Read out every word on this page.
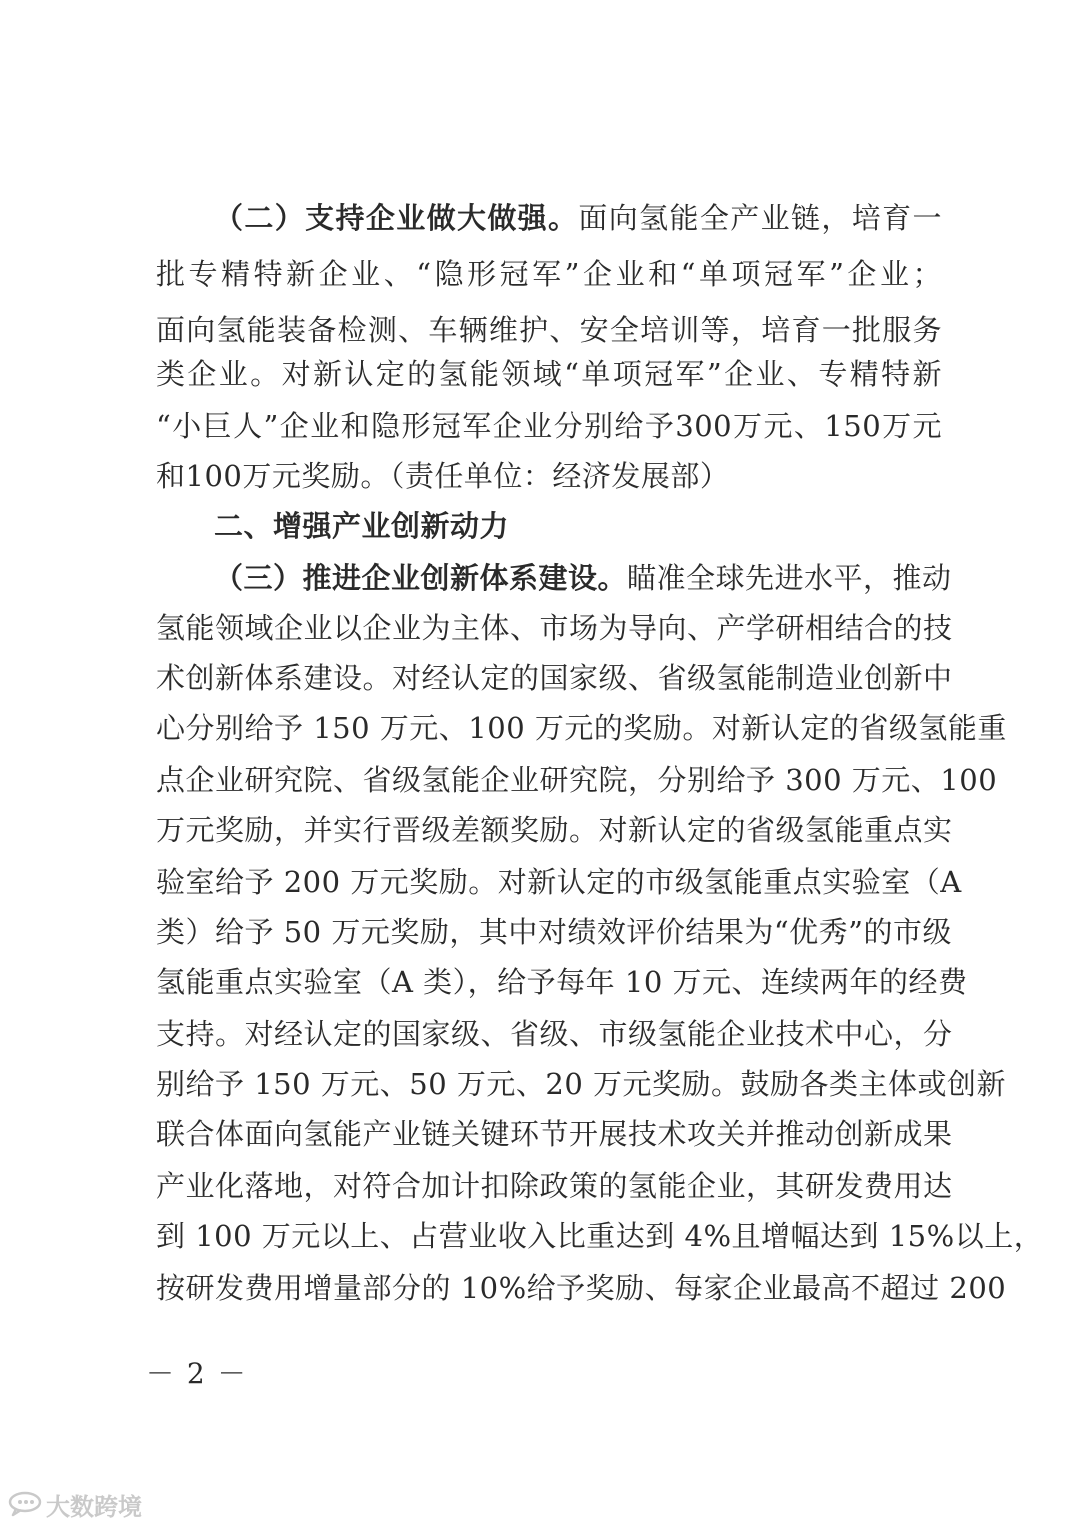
（二）支持企业做大做强。面向氢能全产业链，培育一
批专精特新企业、“隐形冠军”企业和“单项冠军”企业；
面向氢能装备检测、车辆维护、安全培训等，培育一批服务
类企业。对新认定的氢能领域“单项冠军”企业、专精特新
“小巨人”企业和隐形冠军企业分别给予300万元、150万元
和100万元奖励。（责任单位：经济发展部）
二、增强产业创新动力
（三）推进企业创新体系建设。瞄准全球先进水平，推动
氢能领域企业以企业为主体、市场为导向、产学研相结合的技
术创新体系建设。对经认定的国家级、省级氢能制造业创新中
心分别给予 150 万元、100 万元的奖励。对新认定的省级氢能重
点企业研究院、省级氢能企业研究院，分别给予 300 万元、100
万元奖励，并实行晋级差额奖励。对新认定的省级氢能重点实
验室给予 200 万元奖励。对新认定的市级氢能重点实验室（A
类）给予 50 万元奖励，其中对绩效评价结果为“优秀”的市级
氢能重点实验室（A 类），给予每年 10 万元、连续两年的经费
支持。对经认定的国家级、省级、市级氢能企业技术中心，分
别给予 150 万元、50 万元、20 万元奖励。鼓励各类主体或创新
联合体面向氢能产业链关键环节开展技术攻关并推动创新成果
产业化落地，对符合加计扣除政策的氢能企业，其研发费用达
到 100 万元以上、占营业收入比重达到 4%且增幅达到 15%以上，
按研发费用增量部分的 10%给予奖励、每家企业最高不超过 200
－ 2 －
大数跨境
